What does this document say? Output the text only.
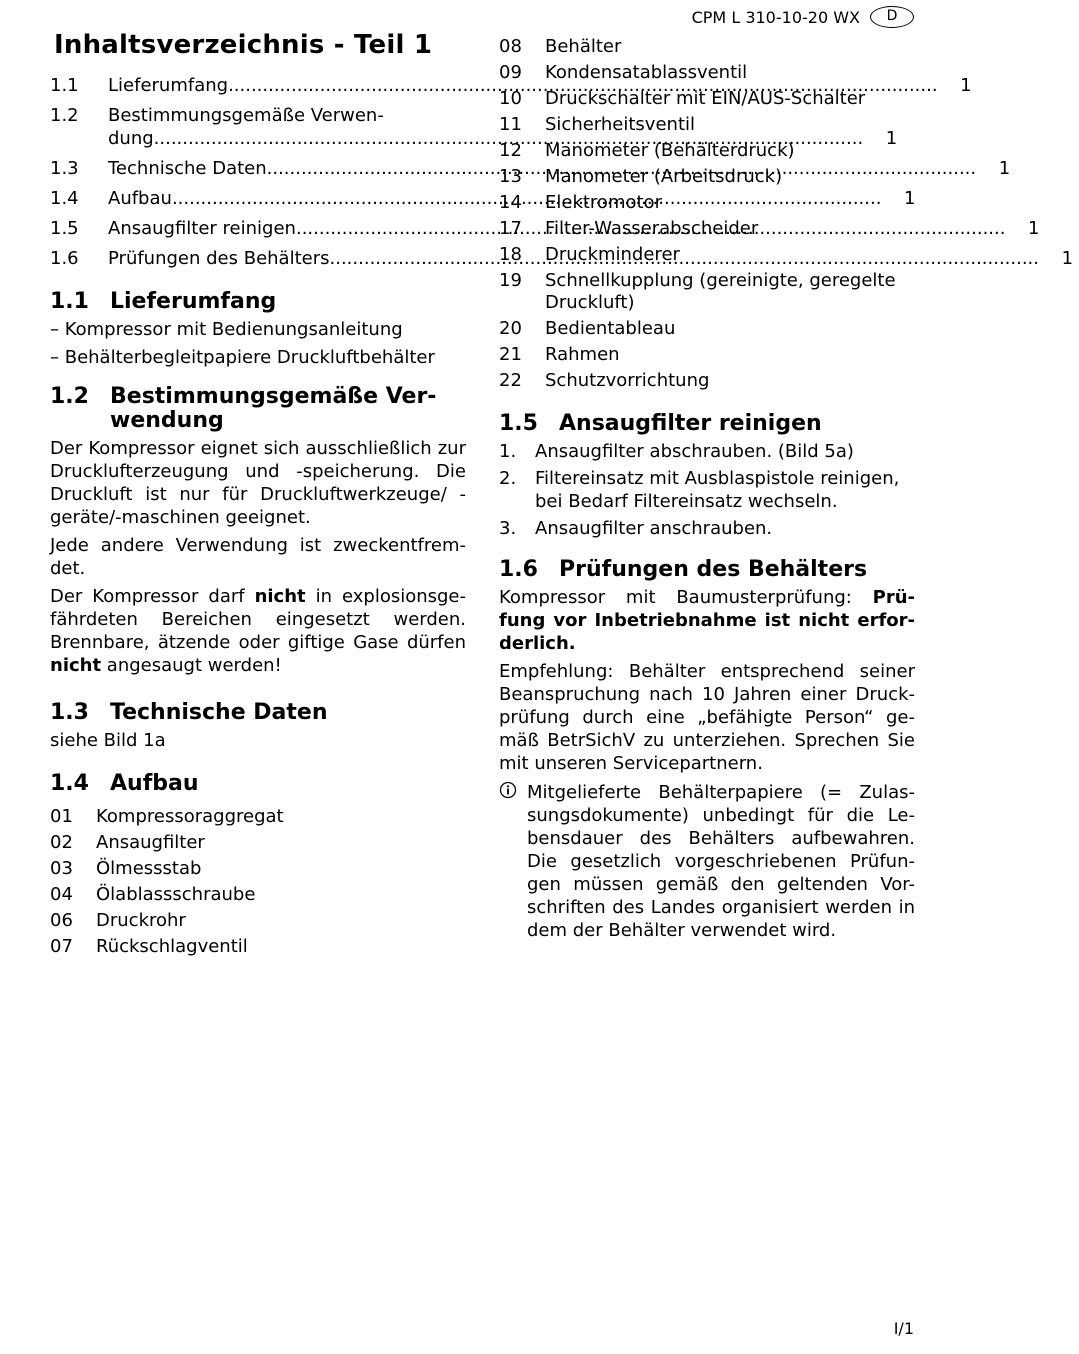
CPM L 310-10-20 WX	D
Inhaltsverzeichnis - Teil 1
1.1	Lieferumfang .....	1
1.2	Bestimmungsgemäße Verwen-
dung .....	1
1.3	Technische Daten .....	1
1.4	Aufbau .....	1
1.5	Ansaugfilter reinigen .....	1
1.6	Prüfungen des Behälters .....	1
1.1 Lieferumfang
– Kompressor mit Bedienungsanleitung
– Behälterbegleitpapiere Druckluftbehälter
1.2 Bestimmungsgemäße Ver-
wendung

Der Kompressor eignet sich ausschließlich zur Drucklufterzeugung und -speicherung. Die Druckluft ist nur für Druckluftwerkzeuge/ -geräte/-maschinen geeignet.

Jede andere Verwendung ist zweckentfrem-det.

Der Kompressor darf nicht in explosionsge-fährdeten Bereichen eingesetzt werden. Brennbare, ätzende oder giftige Gase dürfen nicht angesaugt werden!

1.3 Technische Daten

siehe Bild 1a

1.4 Aufbau
01	Kompressoraggregat
02	Ansaugfilter
03	Ölmessstab
04	Ölablassschraube
06	Druckrohr
07	Rückschlagventil
08	Behälter
09	Kondensatablassventil
10	Druckschalter mit EIN/AUS-Schalter
11	Sicherheitsventil
12	Manometer (Behälterdruck)
13	Manometer (Arbeitsdruck)
14	Elektromotor
17	Filter-Wasserabscheider
18	Druckminderer
19	Schnellkupplung (gereinigte, geregelte Druckluft)
20	Bedientableau
21	Rahmen
22	Schutzvorrichtung
1.5 Ansaugfilter reinigen
1.	Ansaugfilter abschrauben. (Bild 5a)
2.	Filtereinsatz mit Ausblaspistole reinigen, bei Bedarf Filtereinsatz wechseln.
3.	Ansaugfilter anschrauben.
1.6 Prüfungen des Behälters

Kompressor mit Baumusterprüfung: Prü-fung vor Inbetriebnahme ist nicht erfor-derlich.

Empfehlung: Behälter entsprechend seiner Beanspruchung nach 10 Jahren einer Druck-prüfung durch eine „befähigte Person“ ge-mäß BetrSichV zu unterziehen. Sprechen Sie mit unseren Servicepartnern.

Mitgelieferte Behälterpapiere (= Zulas-sungsdokumente) unbedingt für die Le-bensdauer des Behälters aufbewahren. Die gesetzlich vorgeschriebenen Prüfun-gen müssen gemäß den geltenden Vor-schriften des Landes organisiert werden in dem der Behälter verwendet wird.
I/1
